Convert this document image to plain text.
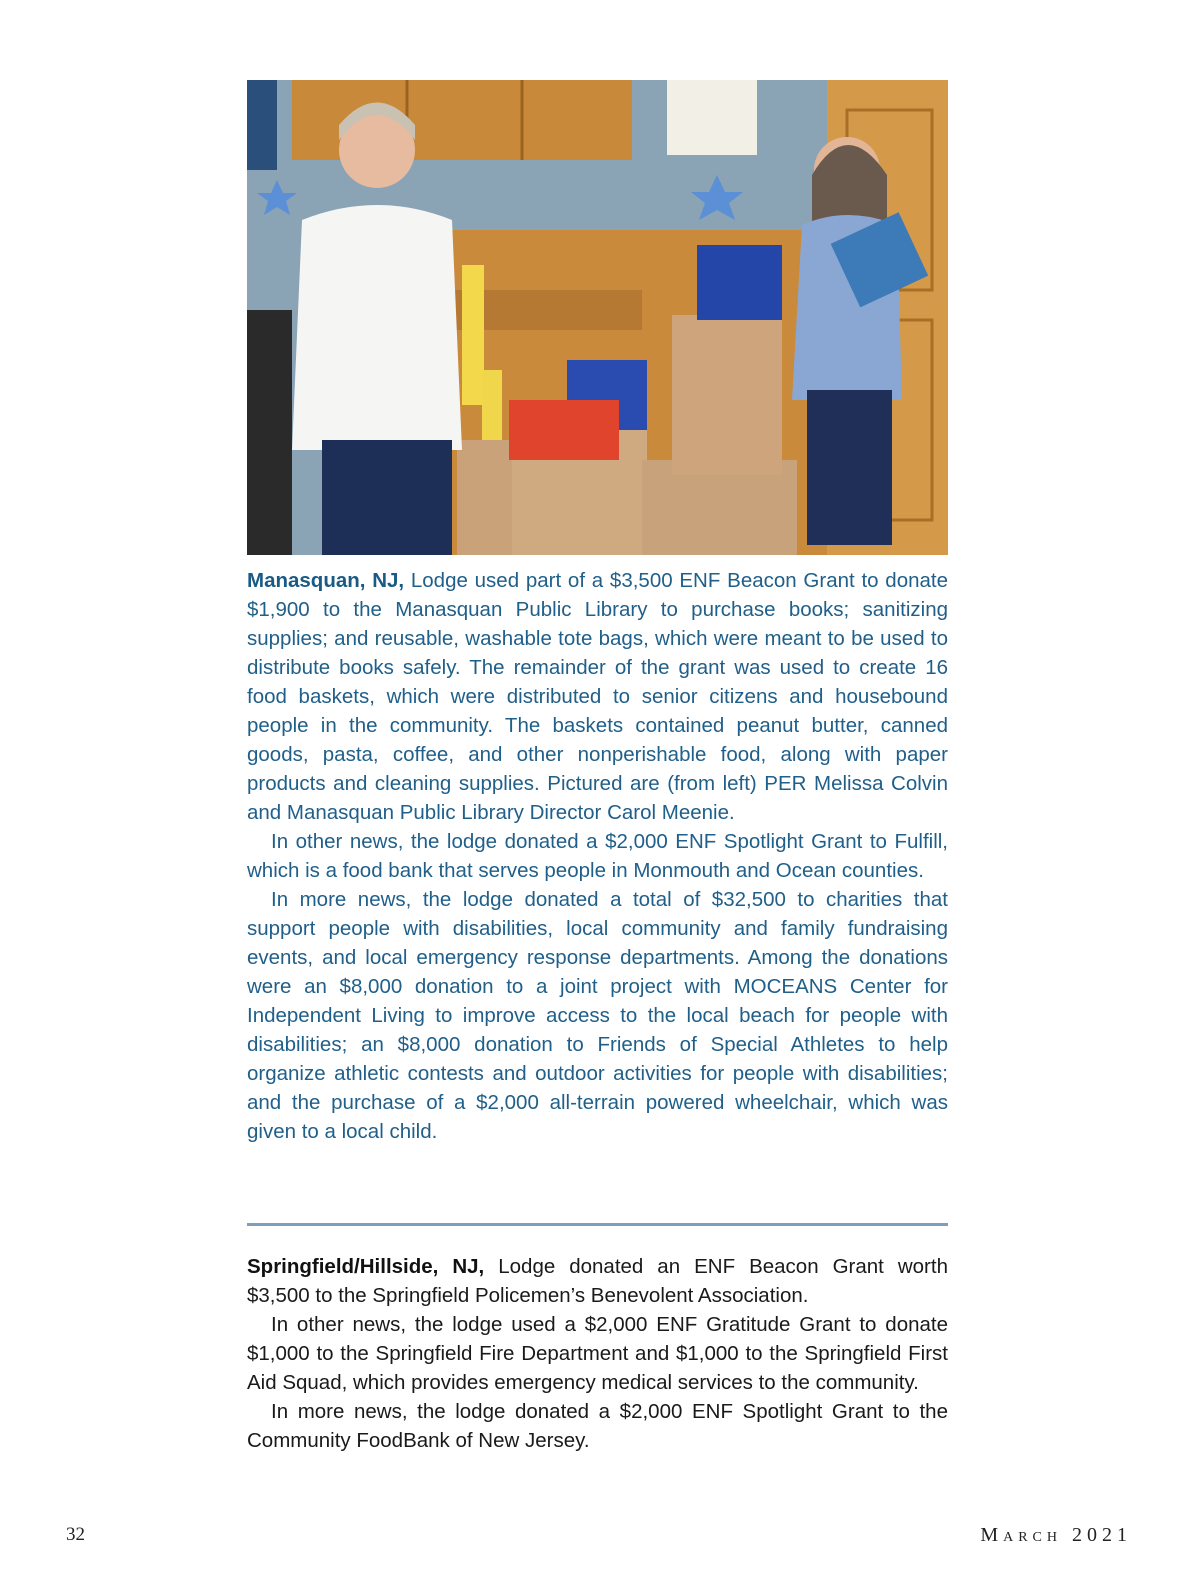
Manasquan, NJ, Lodge used part of a $3,500 ENF Beacon Grant to donate $1,900 to the Manasquan Public Library to purchase books; sanitizing supplies; and reusable, washable tote bags, which were meant to be used to distribute books safely. The remainder of the grant was used to create 16 food baskets, which were distributed to senior citizens and housebound people in the community. The baskets contained peanut butter, canned goods, pasta, coffee, and other nonperishable food, along with paper products and cleaning supplies. Pictured are (from left) PER Melissa Colvin and Manasquan Public Library Director Carol Meenie.

In other news, the lodge donated a $2,000 ENF Spotlight Grant to Fulfill, which is a food bank that serves people in Monmouth and Ocean counties.

In more news, the lodge donated a total of $32,500 to charities that support people with disabilities, local community and family fundraising events, and local emergency response departments. Among the donations were an $8,000 donation to a joint project with MOCEANS Center for Independent Living to improve access to the local beach for people with disabilities; an $8,000 donation to Friends of Special Athletes to help organize athletic contests and outdoor activities for people with disabilities; and the purchase of a $2,000 all-terrain powered wheelchair, which was given to a local child.

Springfield/Hillside, NJ, Lodge donated an ENF Beacon Grant worth $3,500 to the Springfield Policemen’s Benevolent Association.

In other news, the lodge used a $2,000 ENF Gratitude Grant to donate $1,000 to the Springfield Fire Department and $1,000 to the Springfield First Aid Squad, which provides emergency medical services to the community.

In more news, the lodge donated a $2,000 ENF Spotlight Grant to the Community FoodBank of New Jersey.

32	March 2021
